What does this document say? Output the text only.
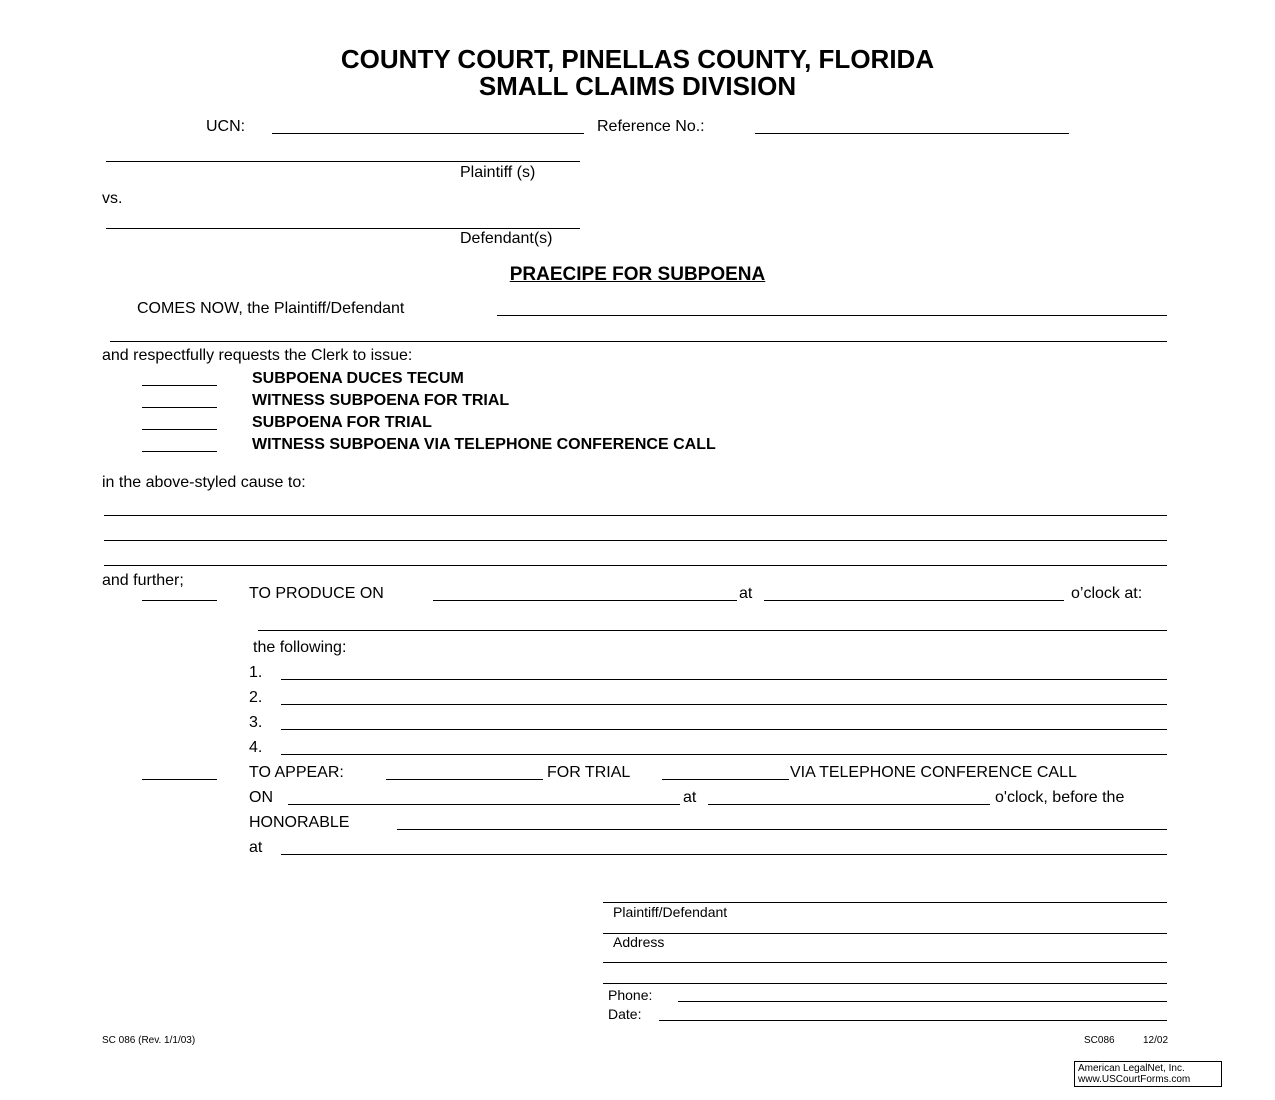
COUNTY COURT, PINELLAS COUNTY, FLORIDA
SMALL CLAIMS DIVISION
UCN:	Reference No.:
Plaintiff (s)
vs.
Defendant(s)
PRAECIPE FOR SUBPOENA
COMES NOW, the Plaintiff/Defendant
and respectfully requests the Clerk to issue:
SUBPOENA DUCES TECUM
WITNESS SUBPOENA FOR TRIAL
SUBPOENA FOR TRIAL
WITNESS SUBPOENA VIA TELEPHONE CONFERENCE CALL
in the above-styled cause to:
and further;
TO PRODUCE ON	at	o’clock at:
the following:
1.
2.
3.
4.
TO APPEAR:	FOR TRIAL	VIA TELEPHONE CONFERENCE CALL
ON	at	o'clock, before the
HONORABLE
at
Plaintiff/Defendant
Address
Phone:
Date:
SC 086 (Rev. 1/1/03)	SC086	12/02
American LegalNet, Inc.
www.USCourtForms.com
